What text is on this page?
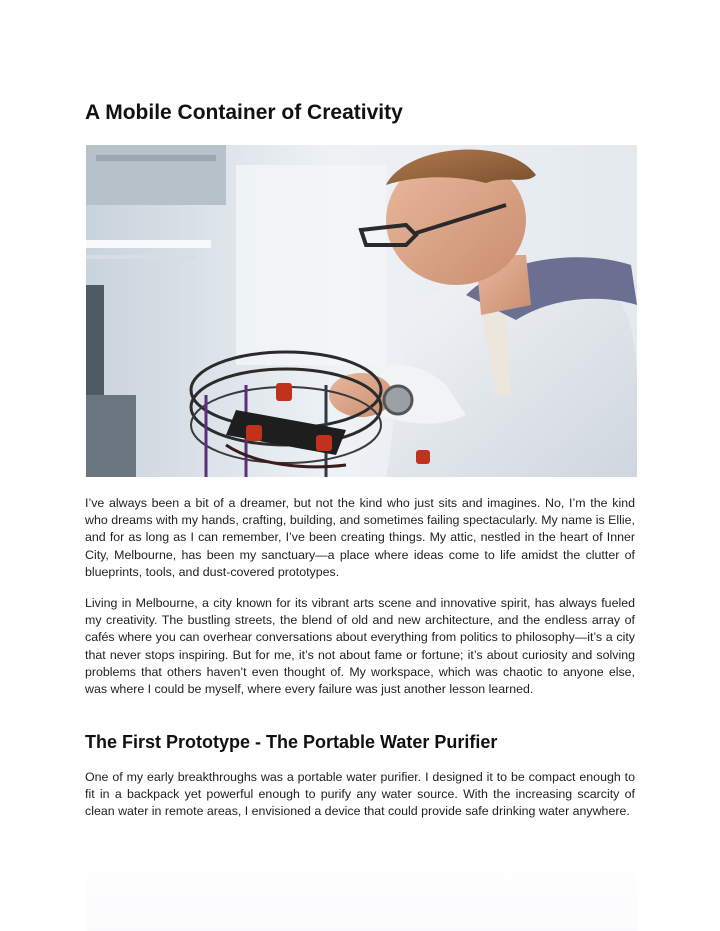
A Mobile Container of Creativity

I’ve always been a bit of a dreamer, but not the kind who just sits and imagines. No, I’m the kind who dreams with my hands, crafting, building, and sometimes failing spectacularly. My name is Ellie, and for as long as I can remember, I’ve been creating things. My attic, nestled in the heart of Inner City, Melbourne, has been my sanctuary—a place where ideas come to life amidst the clutter of blueprints, tools, and dust-covered prototypes.

Living in Melbourne, a city known for its vibrant arts scene and innovative spirit, has always fueled my creativity. The bustling streets, the blend of old and new architecture, and the endless array of cafés where you can overhear conversations about everything from politics to philosophy—it’s a city that never stops inspiring. But for me, it’s not about fame or fortune; it’s about curiosity and solving problems that others haven’t even thought of. My workspace, which was chaotic to anyone else, was where I could be myself, where every failure was just another lesson learned.

The First Prototype - The Portable Water Purifier

One of my early breakthroughs was a portable water purifier. I designed it to be compact enough to fit in a backpack yet powerful enough to purify any water source. With the increasing scarcity of clean water in remote areas, I envisioned a device that could provide safe drinking water anywhere.
